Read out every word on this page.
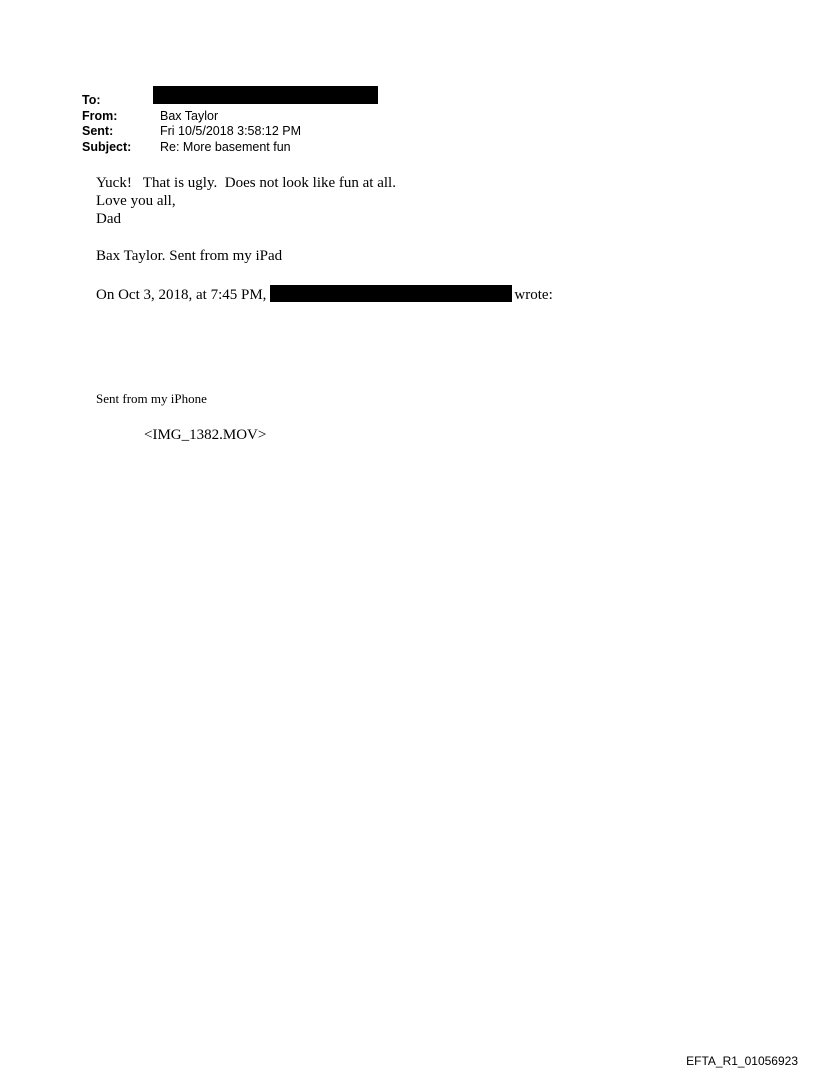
To:
From:	Bax Taylor
Sent:	Fri 10/5/2018 3:58:12 PM
Subject:	Re: More basement fun
Yuck!   That is ugly.  Does not look like fun at all.
Love you all,
Dad
Bax Taylor. Sent from my iPad
On Oct 3, 2018, at 7:45 PM,	wrote:
Sent from my iPhone
<IMG_1382.MOV>
EFTA_R1_01056923
